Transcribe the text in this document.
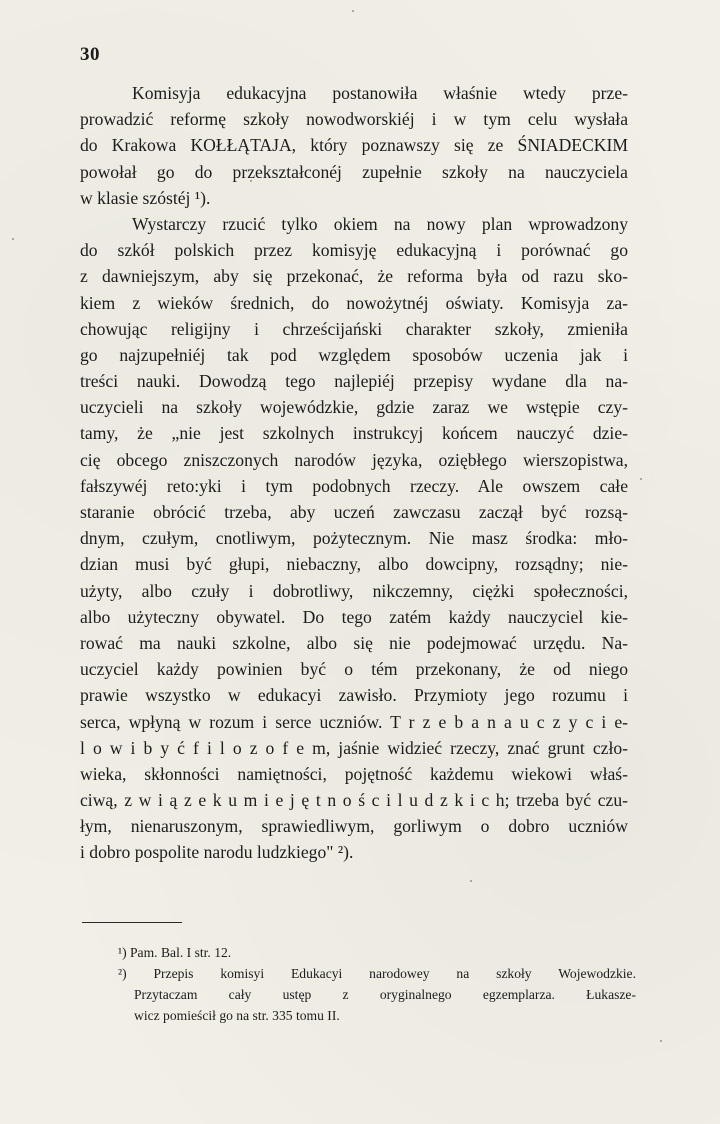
30
Komisyja edukacyjna postanowiła właśnie wtedy prze-
prowadzić reformę szkoły nowodworskiéj i w tym celu wysłała
do Krakowa KOŁŁĄTAJA, który poznawszy się ze ŚNIADECKIM
powołał go do przekształconéj zupełnie szkoły na nauczyciela
w klasie szóstéj ¹).
Wystarczy rzucić tylko okiem na nowy plan wprowadzony
do szkół polskich przez komisyję edukacyjną i porównać go
z dawniejszym, aby się przekonać, że reforma była od razu sko-
kiem z wieków średnich, do nowożytnéj oświaty. Komisyja za-
chowując religijny i chrześcijański charakter szkoły, zmieniła
go najzupełniéj tak pod względem sposobów uczenia jak i
treści nauki. Dowodzą tego najlepiéj przepisy wydane dla na-
uczycieli na szkoły wojewódzkie, gdzie zaraz we wstępie czy-
tamy, że „nie jest szkolnych instrukcyj końcem nauczyć dzie-
cię obcego zniszczonych narodów języka, oziębłego wierszopistwa,
fałszywéj reto:yki i tym podobnych rzeczy. Ale owszem całe
staranie obrócić trzeba, aby uczeń zawczasu zaczął być rozsą-
dnym, czułym, cnotliwym, pożytecznym. Nie masz środka: mło-
dzian musi być głupi, niebaczny, albo dowcipny, rozsądny; nie-
użyty, albo czuły i dobrotliwy, nikczemny, ciężki społeczności,
albo użyteczny obywatel. Do tego zatém każdy nauczyciel kie-
rować ma nauki szkolne, albo się nie podejmować urzędu. Na-
uczyciel każdy powinien być o tém przekonany, że od niego
prawie wszystko w edukacyi zawisło. Przymioty jego rozumu i
serca, wpłyną w rozum i serce uczniów. T r z e b a n a u c z y c i e-
l o w i b y ć f i l o z o f e m, jaśnie widzieć rzeczy, znać grunt czło-
wieka, skłonności namiętności, pojętność każdemu wiekowi właś-
ciwą, z w i ą z e k u m i e j ę t n o ś c i l u d z k i c h; trzeba być czu-
łym, nienaruszonym, sprawiedliwym, gorliwym o dobro uczniów
i dobro pospolite narodu ludzkiego" ²).
¹) Pam. Bal. I str. 12.
²) Przepis komisyi Edukacyi narodowey na szkoły Wojewodzkie.
Przytaczam cały ustęp z oryginalnego egzemplarza. Łukasze-
wicz pomieścił go na str. 335 tomu II.
